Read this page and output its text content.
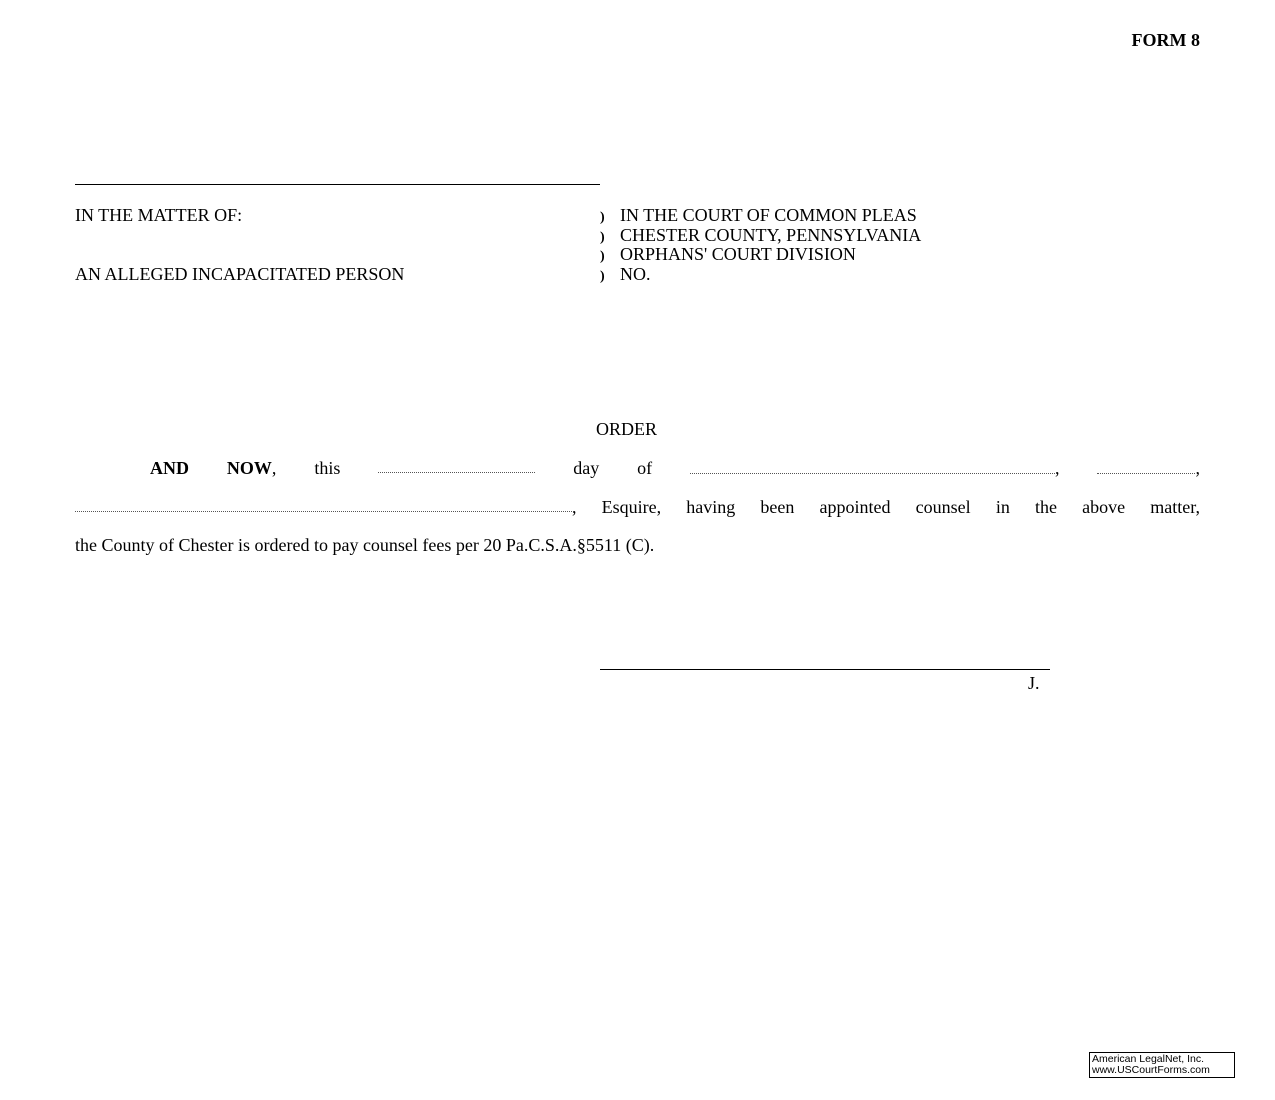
FORM 8
IN THE MATTER OF:
AN ALLEGED INCAPACITATED PERSON
) IN THE COURT OF COMMON PLEAS
) CHESTER COUNTY, PENNSYLVANIA
) ORPHANS' COURT DIVISION
) NO.
ORDER
AND NOW, this	day of	,	,
, Esquire, having been appointed counsel in the above matter,
the County of Chester is ordered to pay counsel fees per 20 Pa.C.S.A.§5511 (C).
J.
American LegalNet, Inc.
www.USCourtForms.com
